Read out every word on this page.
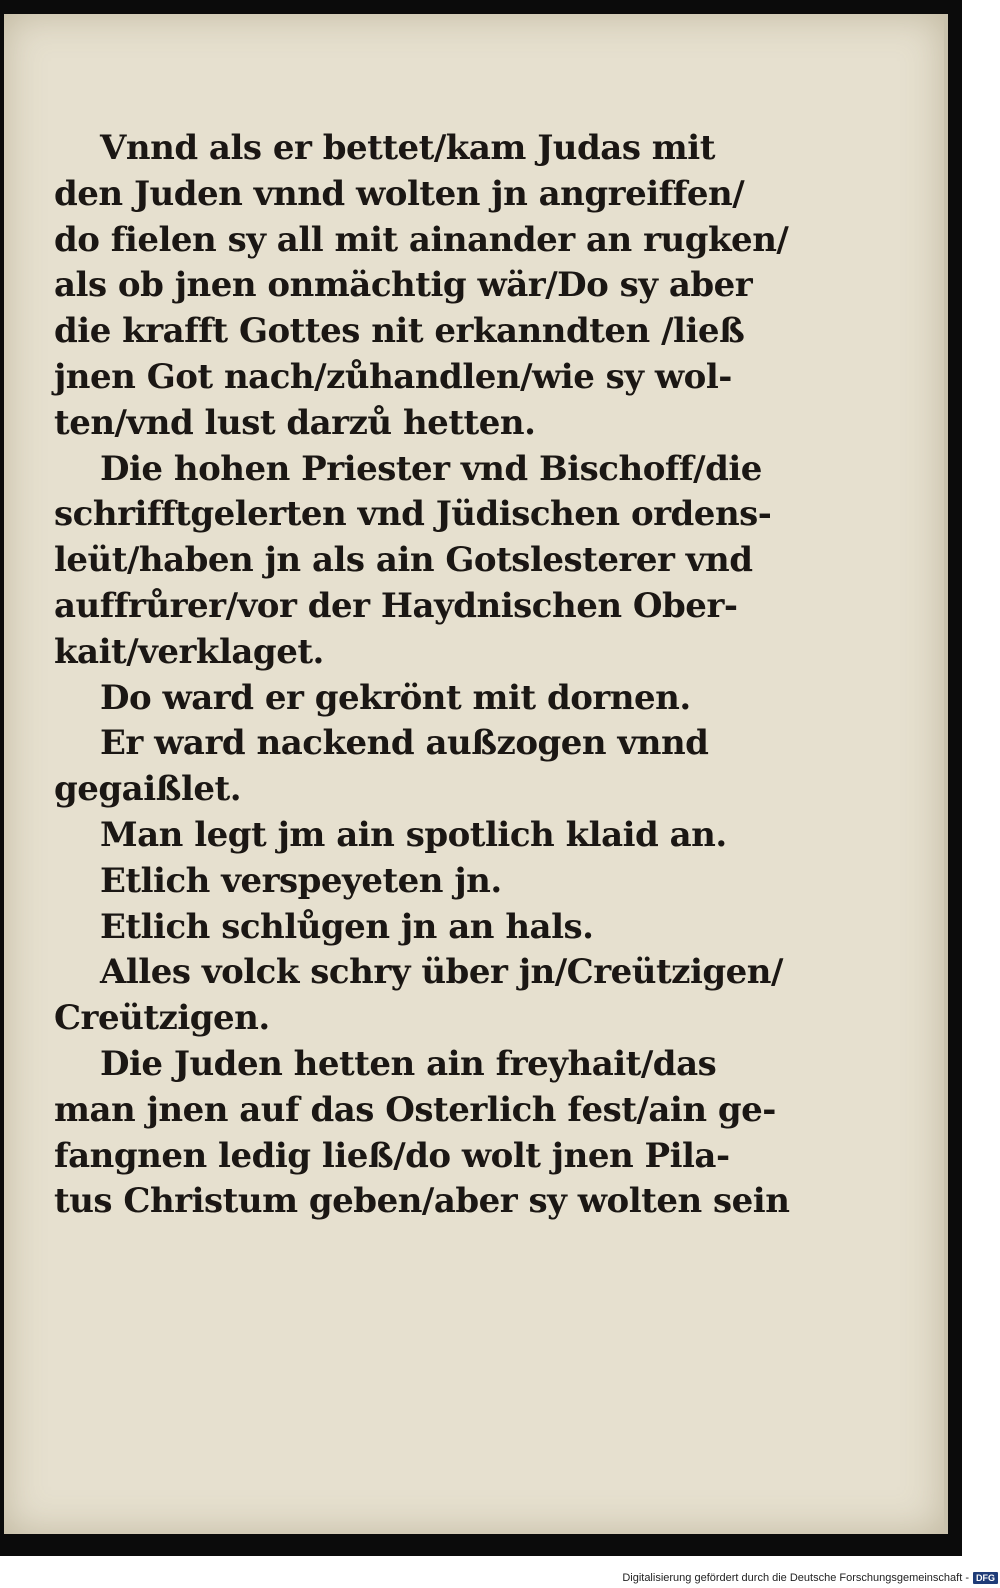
Vnnd als er bettet/kam Judas mit
den Juden vnnd wolten jn angreiffen/
do fielen sy all mit ainander an rugken/
als ob jnen onmächtig wär/Do sy aber
die krafft Gottes nit erkanndten /ließ
jnen Got nach/zůhandlen/wie sy wol-
ten/vnd lust darzů hetten.
Die hohen Priester vnd Bischoff/die
schrifftgelerten vnd Jüdischen ordens-
leüt/haben jn als ain Gotslesterer vnd
auffrůrer/vor der Haydnischen Ober-
kait/verklaget.
Do ward er gekrönt mit dornen.
Er ward nackend außzogen vnnd
gegaißlet.
Man legt jm ain spotlich klaid an.
Etlich verspeyeten jn.
Etlich schlůgen jn an hals.
Alles volck schry über jn/Creützigen/
Creützigen.
Die Juden hetten ain freyhait/das
man jnen auf das Osterlich fest/ain ge-
fangnen ledig ließ/do wolt jnen Pila-
tus Christum geben/aber sy wolten sein
Digitalisierung gefördert durch die Deutsche Forschungsgemeinschaft - DFG
